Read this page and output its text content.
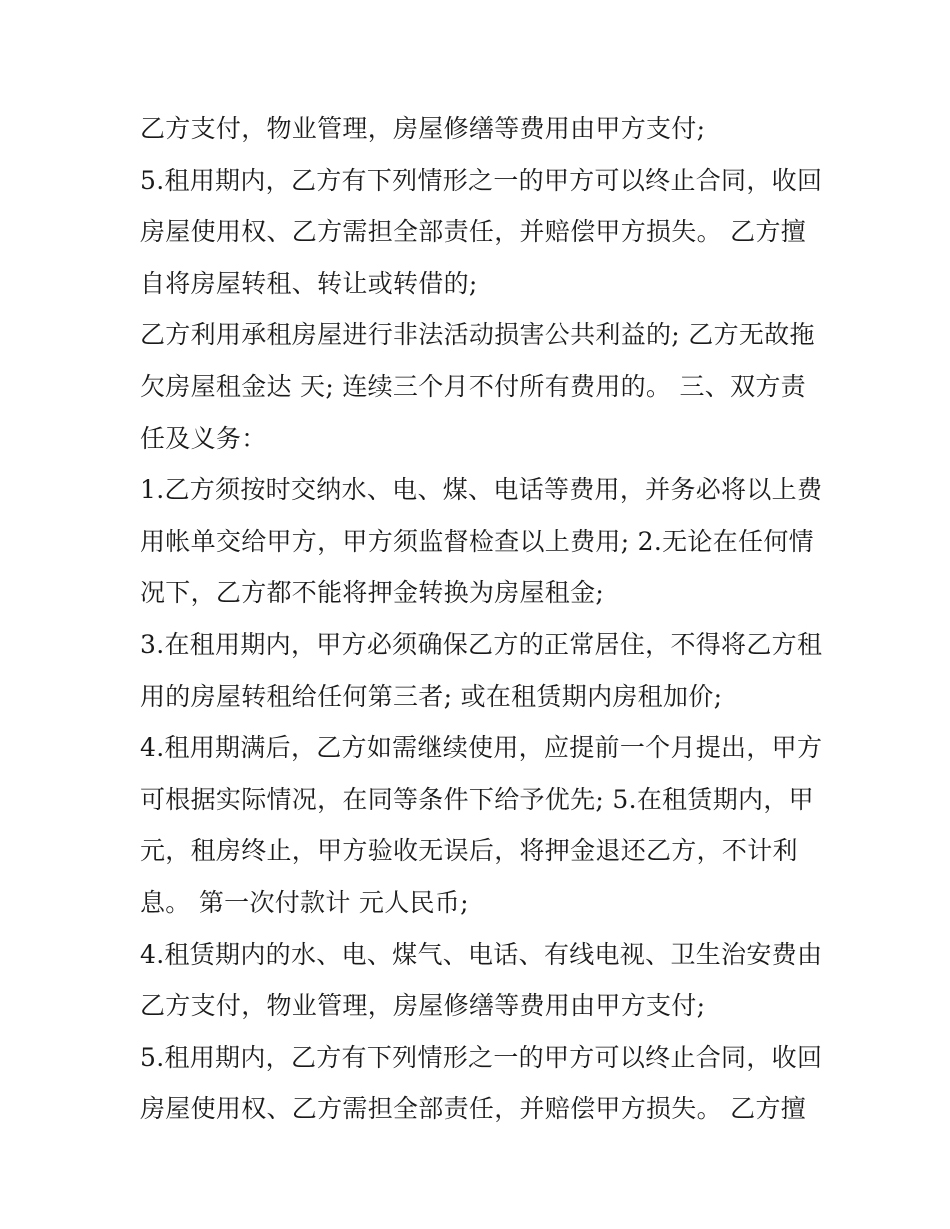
乙方支付，物业管理，房屋修缮等费用由甲方支付;
5.租用期内，乙方有下列情形之一的甲方可以终止合同，收回
房屋使用权、乙方需担全部责任，并赔偿甲方损失。 乙方擅
自将房屋转租、转让或转借的;
乙方利用承租房屋进行非法活动损害公共利益的; 乙方无故拖
欠房屋租金达 天; 连续三个月不付所有费用的。 三、双方责
任及义务：
1.乙方须按时交纳水、电、煤、电话等费用，并务必将以上费
用帐单交给甲方，甲方须监督检查以上费用; 2.无论在任何情
况下，乙方都不能将押金转换为房屋租金;
3.在租用期内，甲方必须确保乙方的正常居住，不得将乙方租
用的房屋转租给任何第三者; 或在租赁期内房租加价;
4.租用期满后，乙方如需继续使用，应提前一个月提出，甲方
可根据实际情况，在同等条件下给予优先; 5.在租赁期内，甲
元，租房终止，甲方验收无误后，将押金退还乙方，不计利
息。 第一次付款计 元人民币;
4.租赁期内的水、电、煤气、电话、有线电视、卫生治安费由
乙方支付，物业管理，房屋修缮等费用由甲方支付;
5.租用期内，乙方有下列情形之一的甲方可以终止合同，收回
房屋使用权、乙方需担全部责任，并赔偿甲方损失。 乙方擅
